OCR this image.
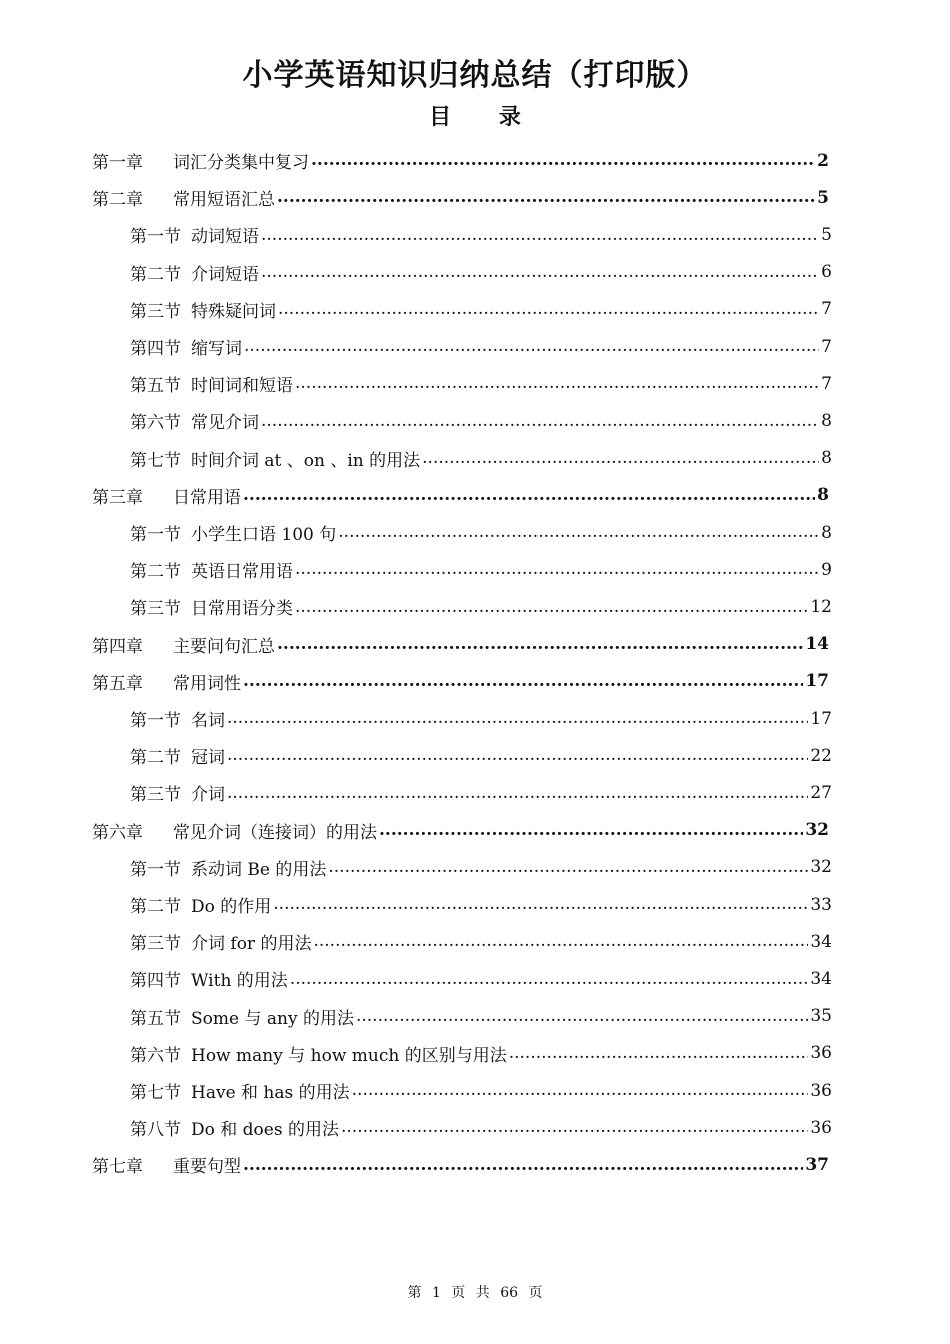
小学英语知识归纳总结（打印版）
目 录
第一章 词汇分类集中复习 .....	2
第二章 常用短语汇总 .....	5
第一节 动词短语 .....	5
第二节 介词短语 .....	6
第三节 特殊疑问词 .....	7
第四节 缩写词 .....	7
第五节 时间词和短语 .....	7
第六节 常见介词 .....	8
第七节 时间介词 at 、on 、in 的用法 .....	8
第三章 日常用语 .....	8
第一节 小学生口语 100 句 .....	8
第二节 英语日常用语 .....	9
第三节 日常用语分类 .....	12
第四章 主要问句汇总 .....	14
第五章 常用词性 .....	17
第一节 名词 .....	17
第二节 冠词 .....	22
第三节 介词 .....	27
第六章 常见介词（连接词）的用法 .....	32
第一节 系动词 Be 的用法 .....	32
第二节 Do 的作用 .....	33
第三节 介词 for 的用法 .....	34
第四节 With 的用法 .....	34
第五节 Some 与 any 的用法 .....	35
第六节 How many 与 how much 的区别与用法 .....	36
第七节 Have 和 has 的用法 .....	36
第八节 Do 和 does 的用法 .....	36
第七章 重要句型 .....	37
第 1 页 共 66 页
